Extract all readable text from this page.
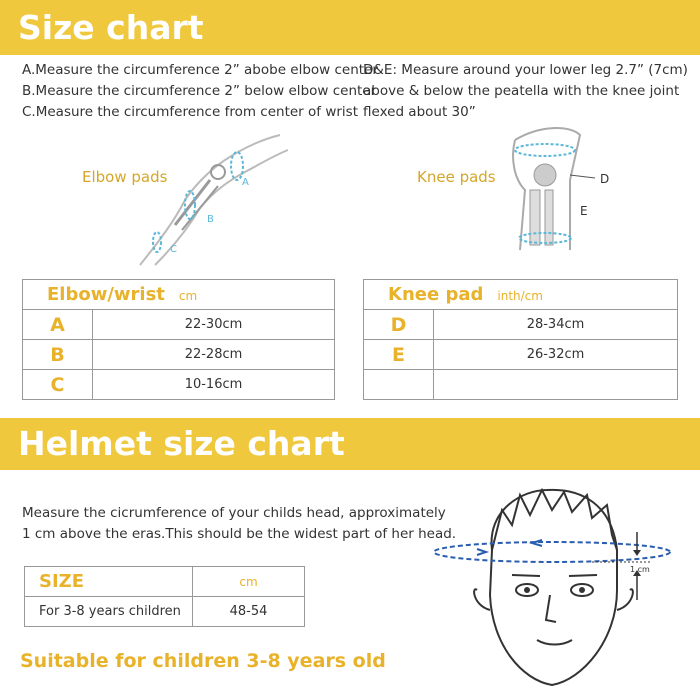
Size chart
A.Measure the circumference 2” abobe elbow center
B.Measure the circumference 2” below elbow center
C.Measure the circumference from center of wrist
D&E: Measure around your lower leg 2.7” (7cm)
above & below the peatella with the knee joint
flexed about 30”
Elbow pads	Knee pads
A
B
C
D
E
Elbow/wrist cm	
A	22-30cm
B	22-28cm
C	10-16cm
Knee pad inth/cm	
D	28-34cm
E	26-32cm

Helmet size chart
Measure the cicrumference of your childs head, approximately
1 cm above the eras.This should be the widest part of her head.
SIZE	cm
For 3-8 years children	48-54
Suitable for children 3-8 years old
1 cm
